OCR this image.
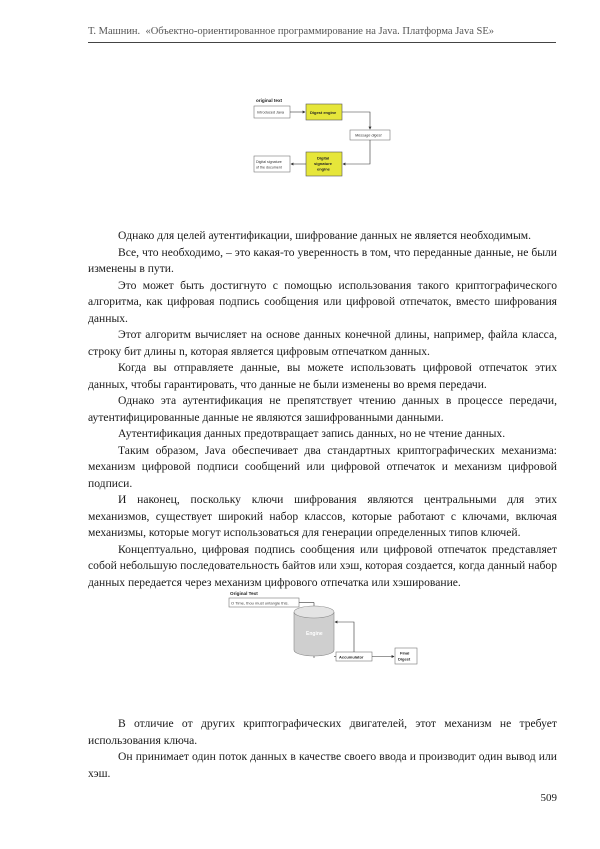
Т. Машнин. «Объектно-ориентированное программирование на Java. Платформа Java SE»
original text
Introduced Java	Digest engine
Message digest
Digital
signature
engine
Digital signature
of the document

Однако для целей аутентификации, шифрование данных не является необходимым.

Все, что необходимо, – это какая-то уверенность в том, что переданные данные, не были изменены в пути.

Это может быть достигнуто с помощью использования такого криптографического алгоритма, как цифровая подпись сообщения или цифровой отпечаток, вместо шифрования данных.

Этот алгоритм вычисляет на основе данных конечной длины, например, файла класса, строку бит длины n, которая является цифровым отпечатком данных.

Когда вы отправляете данные, вы можете использовать цифровой отпечаток этих данных, чтобы гарантировать, что данные не были изменены во время передачи.

Однако эта аутентификация не препятствует чтению данных в процессе передачи, аутентифицированные данные не являются зашифрованными данными.

Аутентификация данных предотвращает запись данных, но не чтение данных.

Таким образом, Java обеспечивает два стандартных криптографических механизма: механизм цифровой подписи сообщений или цифровой отпечаток и механизм цифровой подписи.

И наконец, поскольку ключи шифрования являются центральными для этих механизмов, существует широкий набор классов, которые работают с ключами, включая механизмы, которые могут использоваться для генерации определенных типов ключей.

Концептуально, цифровая подпись сообщения или цифровой отпечаток представляет собой небольшую последовательность байтов или хэш, которая создается, когда данный набор данных передается через механизм цифрового отпечатка или хэширование.

Original Text
O Time, thou must untangle this.
Engine
Accumulator
Final
Digest

В отличие от других криптографических двигателей, этот механизм не требует использования ключа.

Он принимает один поток данных в качестве своего ввода и производит один вывод или хэш.

509
